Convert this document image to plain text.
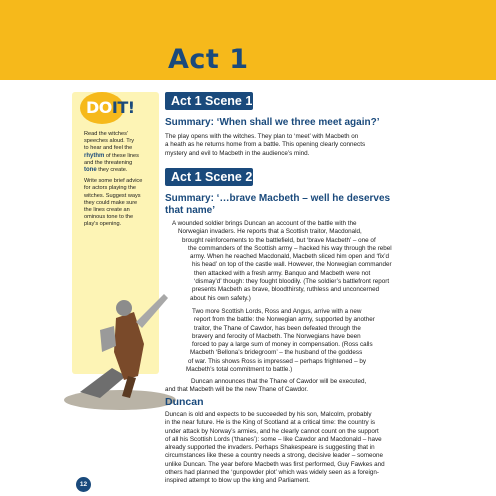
Act 1
DOIT!

Read the witches'
speeches aloud. Try
to hear and feel the
rhythm of these lines
and the threatening
tone they create.

Write some brief advice
for actors playing the
witches. Suggest ways
they could make sure
the lines create an
ominous tone to the
play's opening.

Act 1 Scene 1
Summary: ‘When shall we three meet again?’
The play opens with the witches. They plan to ‘meet’ with Macbeth on
a heath as he returns home from a battle. This opening clearly connects
mystery and evil to Macbeth in the audience’s mind.
Act 1 Scene 2
Summary: ‘…brave Macbeth – well he deserves
that name’
A wounded soldier brings Duncan an account of the battle with the
Norwegian invaders. He reports that a Scottish traitor, Macdonald,
brought reinforcements to the battlefield, but ‘brave Macbeth’ – one of
the commanders of the Scottish army – hacked his way through the rebel
army. When he reached Macdonald, Macbeth sliced him open and ‘fix’d
his head’ on top of the castle wall. However, the Norwegian commander
then attacked with a fresh army. Banquo and Macbeth were not
‘dismay’d’ though: they fought bloodily. (The soldier’s battlefront report
presents Macbeth as brave, bloodthirsty, ruthless and unconcerned
about his own safety.)
Two more Scottish Lords, Ross and Angus, arrive with a new
report from the battle: the Norwegian army, supported by another
traitor, the Thane of Cawdor, has been defeated through the
bravery and ferocity of Macbeth. The Norwegians have been
forced to pay a large sum of money in compensation. (Ross calls
Macbeth ‘Bellona’s bridegroom’ – the husband of the goddess
of war. This shows Ross is impressed – perhaps frightened – by
Macbeth’s total commitment to battle.)
Duncan announces that the Thane of Cawdor will be executed,
and that Macbeth will be the new Thane of Cawdor.
Duncan
Duncan is old and expects to be succeeded by his son, Malcolm, probably
in the near future. He is the King of Scotland at a critical time: the country is
under attack by Norway’s armies, and he clearly cannot count on the support
of all his Scottish Lords (‘thanes’): some – like Cawdor and Macdonald – have
already supported the invaders. Perhaps Shakespeare is suggesting that in
circumstances like these a country needs a strong, decisive leader – someone
unlike Duncan. The year before Macbeth was first performed, Guy Fawkes and
others had planned the ‘gunpowder plot’ which was widely seen as a foreign-
inspired attempt to blow up the king and Parliament.
12
